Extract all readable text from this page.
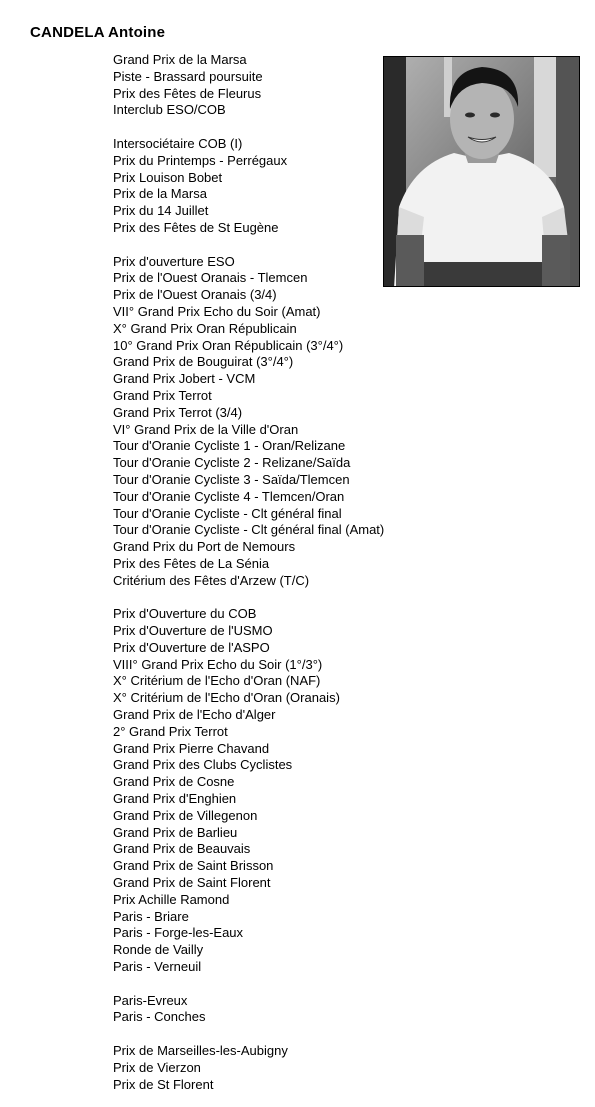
CANDELA Antoine
Grand Prix de la Marsa
Piste - Brassard poursuite
Prix des Fêtes de Fleurus
Interclub ESO/COB
Intersociétaire COB (I)
Prix du Printemps - Perrégaux
Prix Louison Bobet
Prix de la Marsa
Prix du 14 Juillet
Prix des Fêtes de St Eugène
Prix d'ouverture ESO
Prix de l'Ouest Oranais - Tlemcen
Prix de l'Ouest Oranais (3/4)
VII° Grand Prix Echo du Soir (Amat)
X° Grand Prix Oran Républicain
10° Grand Prix Oran Républicain (3°/4°)
Grand Prix de Bouguirat (3°/4°)
Grand Prix Jobert - VCM
Grand Prix Terrot
Grand Prix Terrot (3/4)
VI° Grand Prix de la Ville d'Oran
Tour d'Oranie Cycliste 1 - Oran/Relizane
Tour d'Oranie Cycliste 2 - Relizane/Saïda
Tour d'Oranie Cycliste 3 - Saïda/Tlemcen
Tour d'Oranie Cycliste 4 - Tlemcen/Oran
Tour d'Oranie Cycliste - Clt général final
Tour d'Oranie Cycliste - Clt général final (Amat)
Grand Prix du Port de Nemours
Prix des Fêtes de La Sénia
Critérium des Fêtes d'Arzew (T/C)
Prix d'Ouverture du COB
Prix d'Ouverture de l'USMO
Prix d'Ouverture de l'ASPO
VIII° Grand Prix Echo du Soir (1°/3°)
X° Critérium de l'Echo d'Oran (NAF)
X° Critérium de l'Echo d'Oran (Oranais)
Grand Prix de l'Echo d'Alger
2° Grand Prix Terrot
Grand Prix Pierre Chavand
Grand Prix des Clubs Cyclistes
Grand Prix de Cosne
Grand Prix d'Enghien
Grand Prix de Villegenon
Grand Prix de Barlieu
Grand Prix de Beauvais
Grand Prix de Saint Brisson
Grand Prix de Saint Florent
Prix Achille Ramond
Paris - Briare
Paris - Forge-les-Eaux
Ronde de Vailly
Paris - Verneuil
Paris-Evreux
Paris - Conches
Prix de Marseilles-les-Aubigny
Prix de Vierzon
Prix de St Florent
